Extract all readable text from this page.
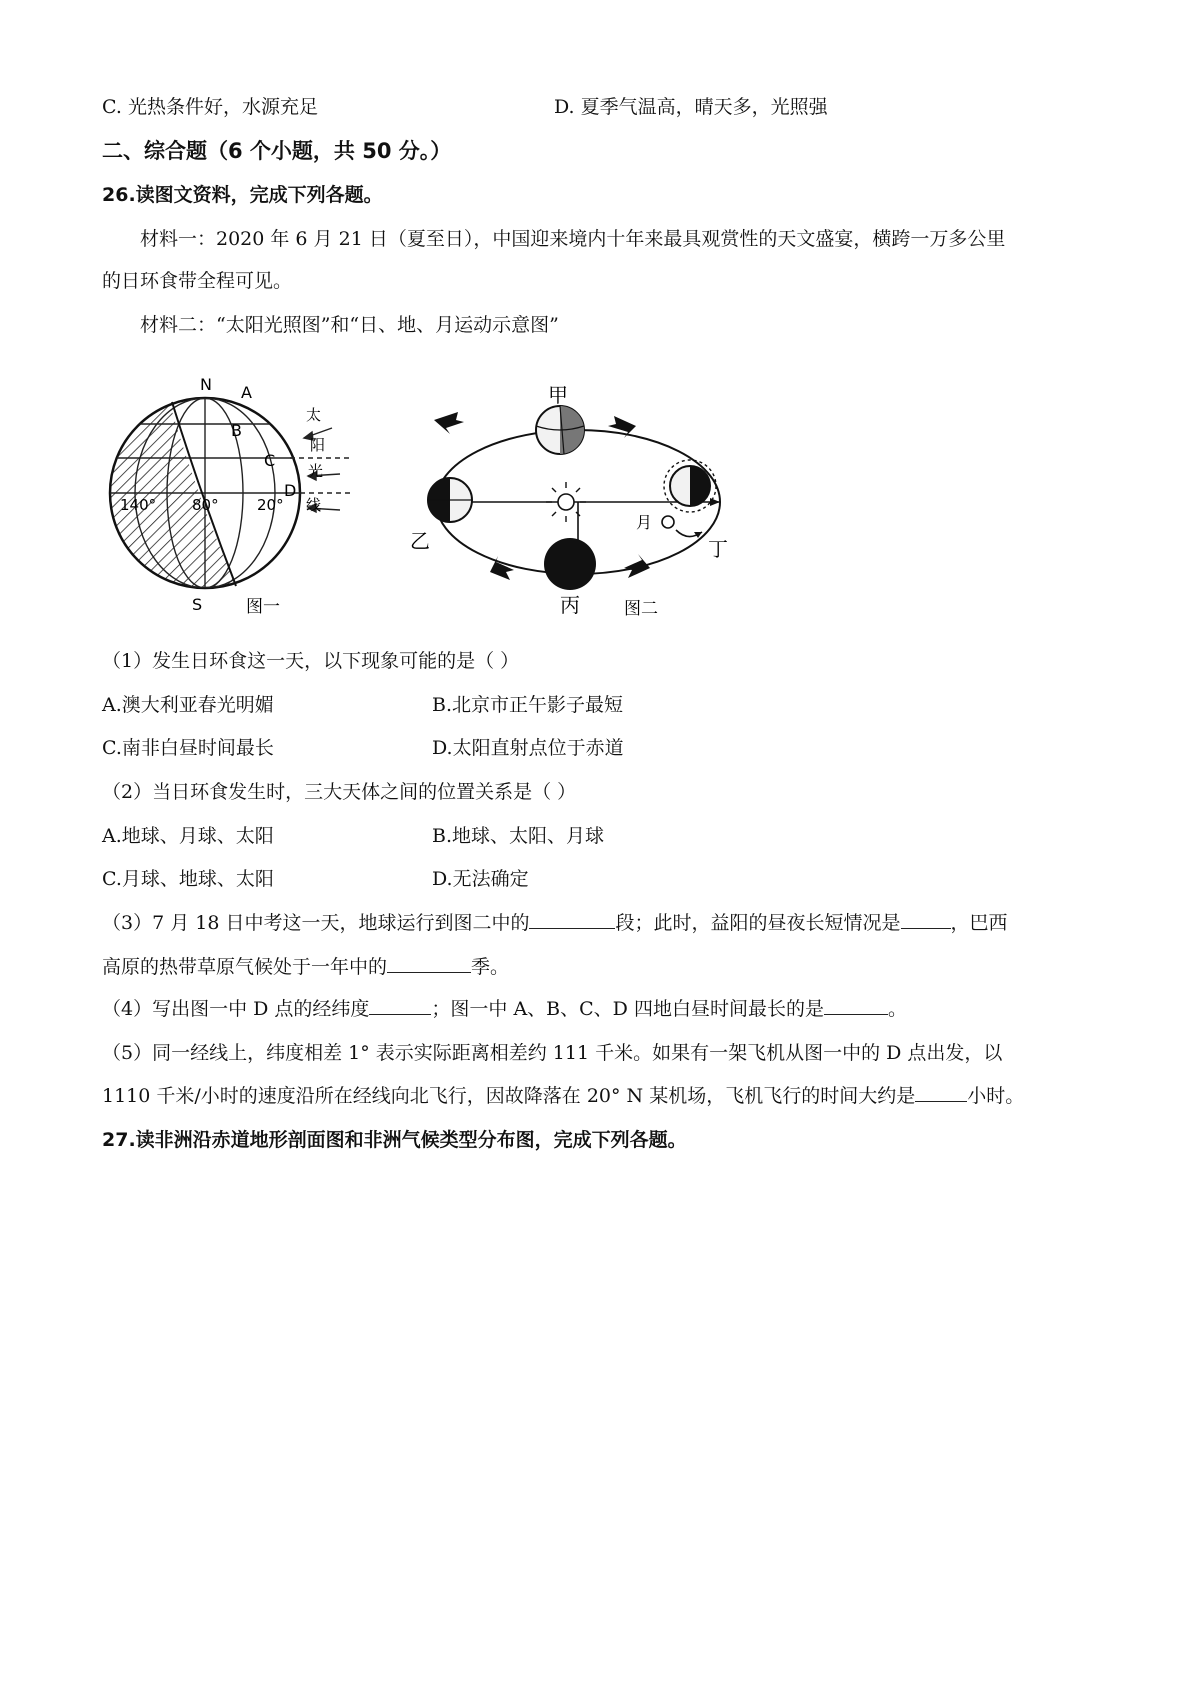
C. 光热条件好，水源充足	D. 夏季气温高，晴天多，光照强
二、综合题（6 个小题，共 50 分。）
26.读图文资料，完成下列各题。
材料一：2020 年 6 月 21 日（夏至日），中国迎来境内十年来最具观赏性的天文盛宴，横跨一万多公里
的日环食带全程可见。
材料二：“太阳光照图”和“日、地、月运动示意图”
N A
B
C
D
140° 80°	20°
太
阳
光
线
S	图一
甲
乙
丙
丁
月
图二
（1）发生日环食这一天，以下现象可能的是（ ）
A.澳大利亚春光明媚	B.北京市正午影子最短
C.南非白昼时间最长	D.太阳直射点位于赤道
（2）当日环食发生时，三大天体之间的位置关系是（ ）
A.地球、月球、太阳	B.地球、太阳、月球
C.月球、地球、太阳	D.无法确定
（3）7 月 18 日中考这一天，地球运行到图二中的	段；此时，益阳的昼夜长短情况是	，巴西
高原的热带草原气候处于一年中的	季。
（4）写出图一中 D 点的经纬度	；图一中 A、B、C、D 四地白昼时间最长的是	。
（5）同一经线上，纬度相差 1° 表示实际距离相差约 111 千米。如果有一架飞机从图一中的 D 点出发，以
1110 千米/小时的速度沿所在经线向北飞行，因故降落在 20° N 某机场，飞机飞行的时间大约是	小时。
27.读非洲沿赤道地形剖面图和非洲气候类型分布图，完成下列各题。
